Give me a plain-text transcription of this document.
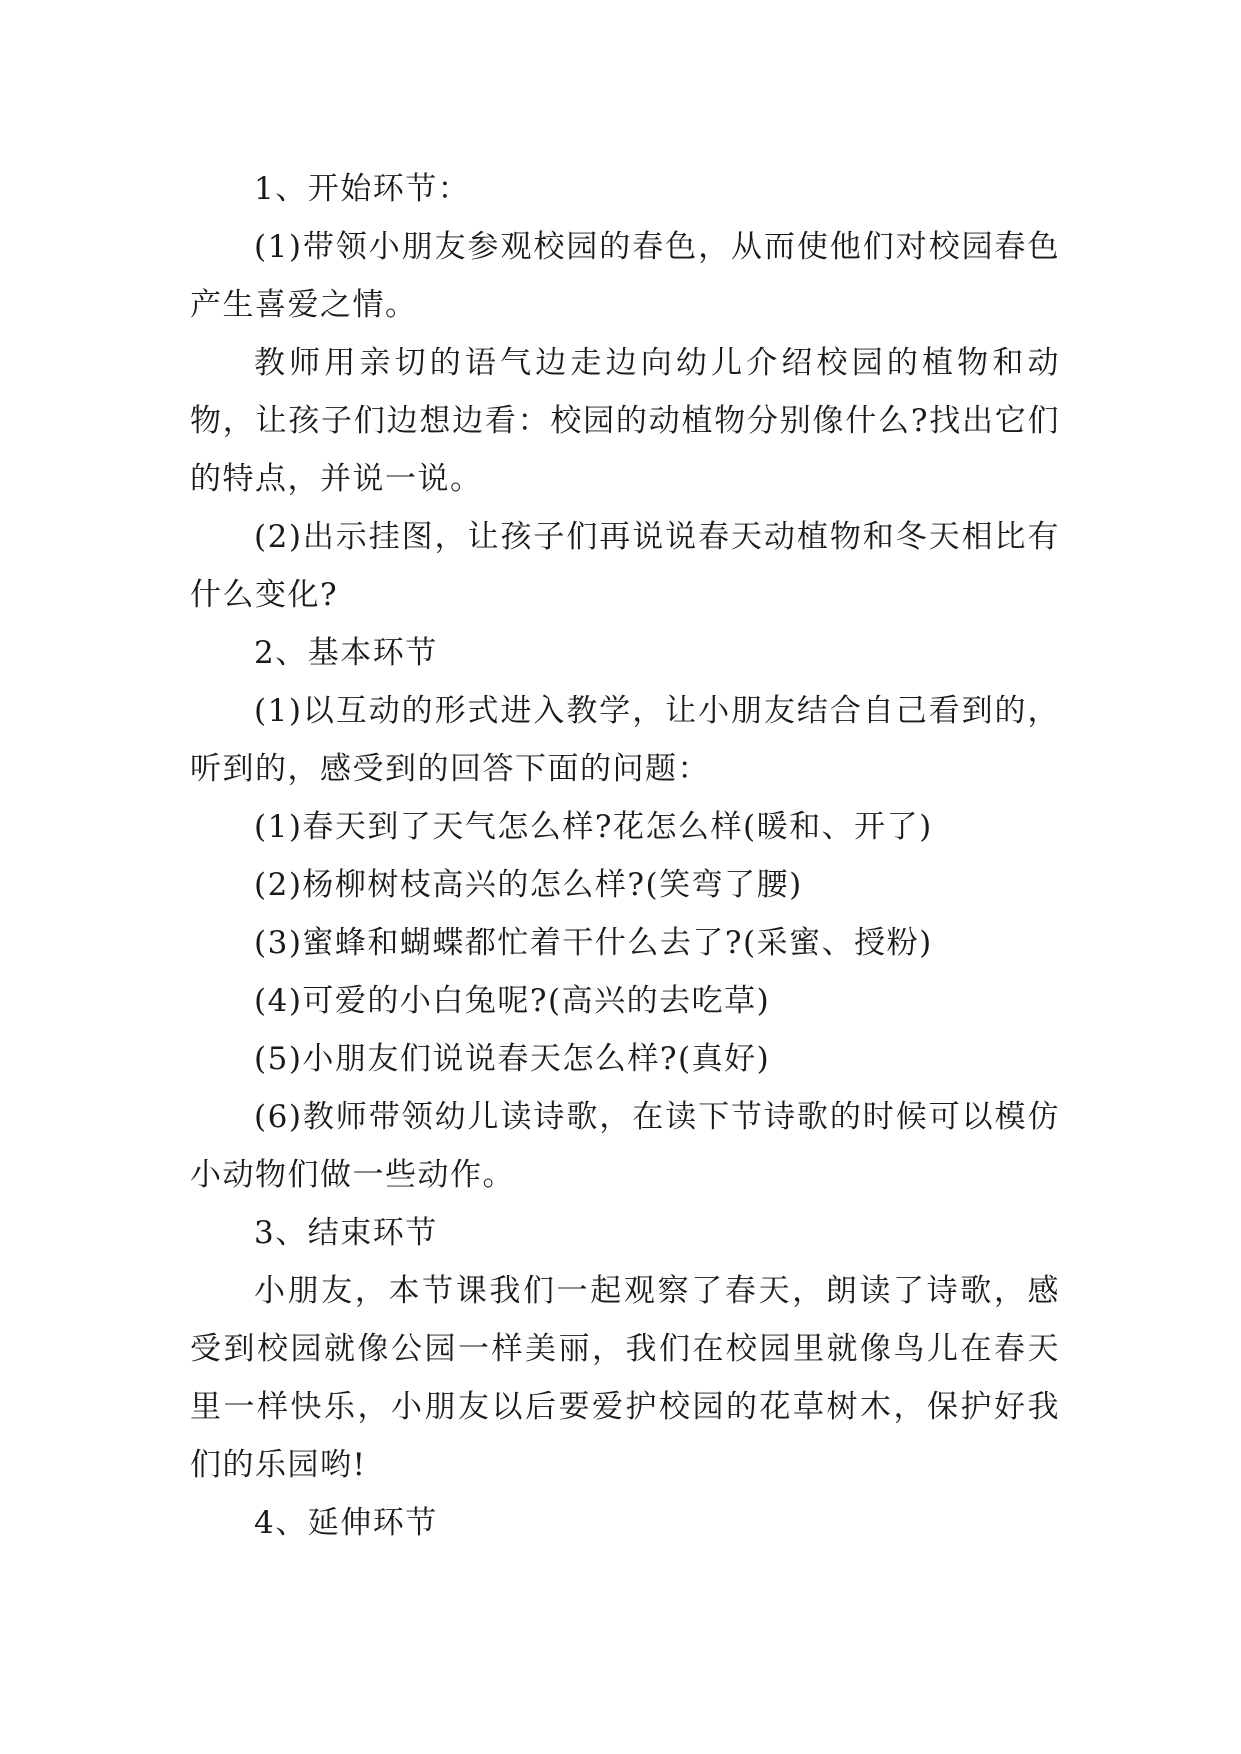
1、开始环节：

(1)带领小朋友参观校园的春色，从而使他们对校园春色产生喜爱之情。

教师用亲切的语气边走边向幼儿介绍校园的植物和动物，让孩子们边想边看：校园的动植物分别像什么?找出它们的特点，并说一说。

(2)出示挂图，让孩子们再说说春天动植物和冬天相比有什么变化?

2、基本环节

(1)以互动的形式进入教学，让小朋友结合自己看到的，听到的，感受到的回答下面的问题：

(1)春天到了天气怎么样?花怎么样(暖和、开了)

(2)杨柳树枝高兴的怎么样?(笑弯了腰)

(3)蜜蜂和蝴蝶都忙着干什么去了?(采蜜、授粉)

(4)可爱的小白兔呢?(高兴的去吃草)

(5)小朋友们说说春天怎么样?(真好)

(6)教师带领幼儿读诗歌，在读下节诗歌的时候可以模仿小动物们做一些动作。

3、结束环节

小朋友，本节课我们一起观察了春天，朗读了诗歌，感受到校园就像公园一样美丽，我们在校园里就像鸟儿在春天里一样快乐，小朋友以后要爱护校园的花草树木，保护好我们的乐园哟!

4、延伸环节
